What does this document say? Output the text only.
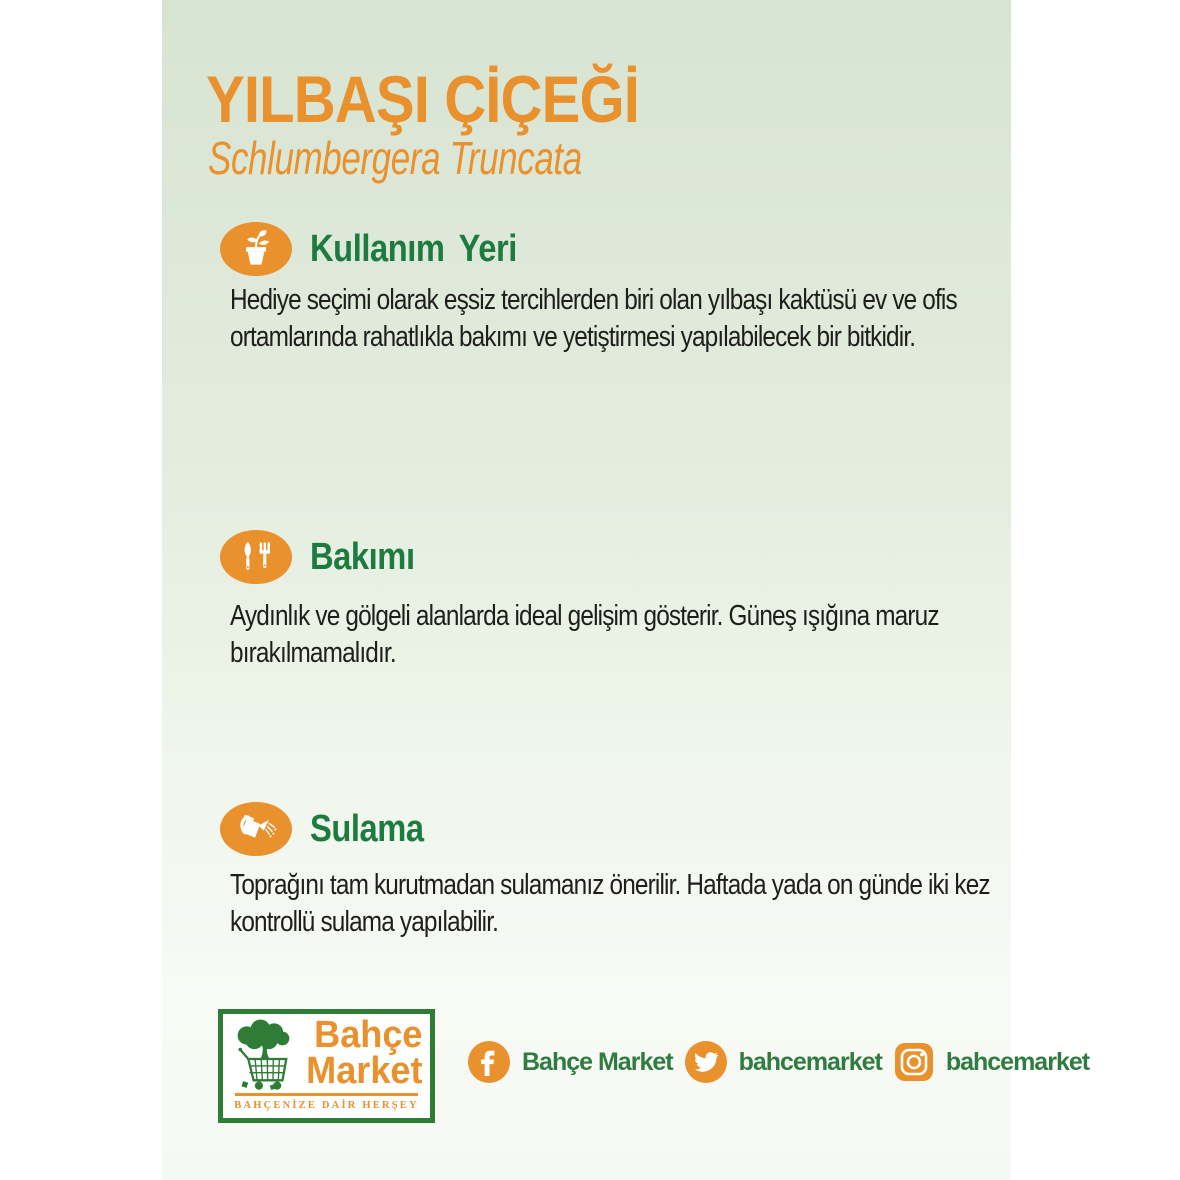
YILBAŞI ÇİÇEĞİ
Schlumbergera Truncata
Kullanım Yeri
Hediye seçimi olarak eşsiz tercihlerden biri olan yılbaşı kaktüsü ev ve ofis ortamlarında rahatlıkla bakımı ve yetiştirmesi yapılabilecek bir bitkidir.
Bakımı
Aydınlık ve gölgeli alanlarda ideal gelişim gösterir. Güneş ışığına maruz bırakılmamalıdır.
Sulama
Toprağını tam kurutmadan sulamanız önerilir. Haftada yada on günde iki kez kontrollü sulama yapılabilir.
Bahçe
Market
BAHÇENİZE DAİR HERŞEY
Bahçe Market	bahcemarket	bahcemarket
